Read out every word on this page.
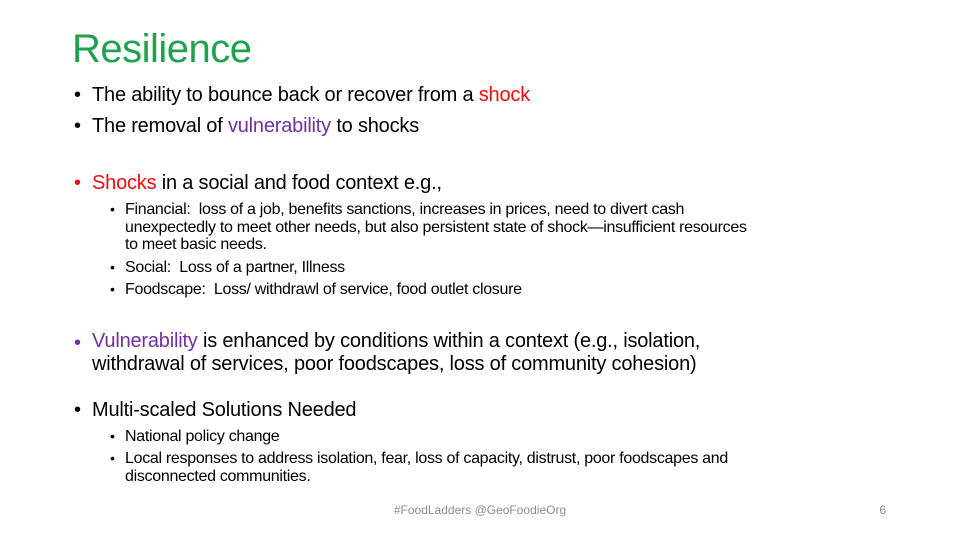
Resilience
• The ability to bounce back or recover from a shock
• The removal of vulnerability to shocks
• Shocks in a social and food context e.g.,
• Financial:  loss of a job, benefits sanctions, increases in prices, need to divert cash
unexpectedly to meet other needs, but also persistent state of shock—insufficient resources
to meet basic needs.
• Social:  Loss of a partner, Illness
• Foodscape:  Loss/ withdrawl of service, food outlet closure
• Vulnerability is enhanced by conditions within a context (e.g., isolation,
withdrawal of services, poor foodscapes, loss of community cohesion)
• Multi-scaled Solutions Needed
• National policy change
• Local responses to address isolation, fear, loss of capacity, distrust, poor foodscapes and
disconnected communities.
#FoodLadders @GeoFoodieOrg	6
